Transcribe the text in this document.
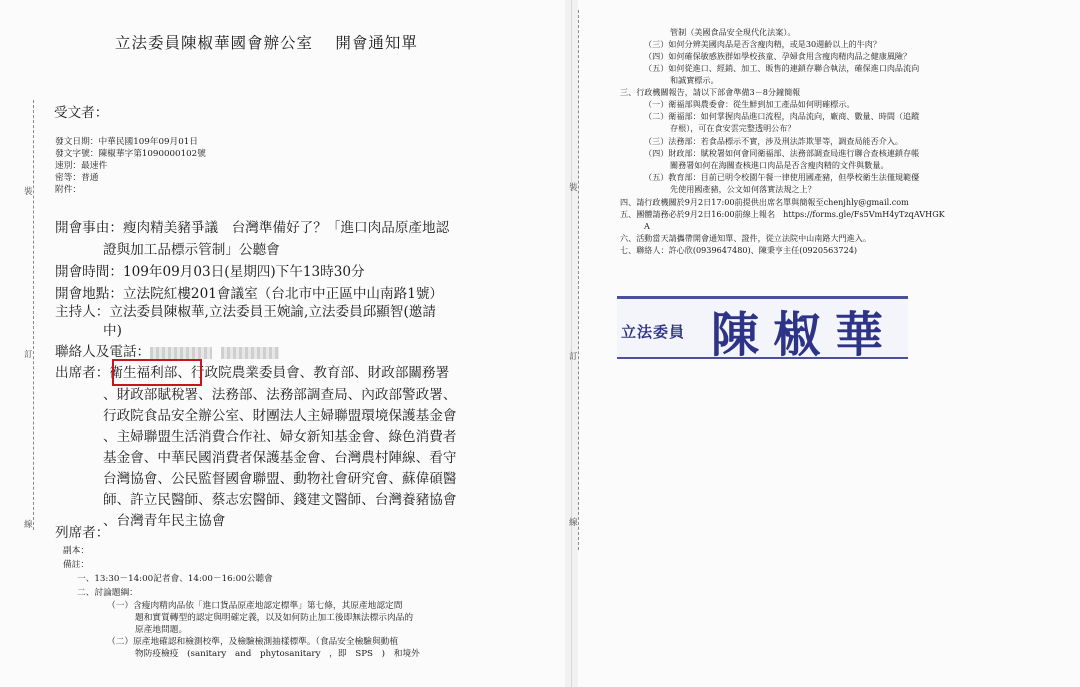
裝
訂
線
立法委員陳椒華國會辦公室　 開會通知單
受文者：
發文日期：中華民國109年09月01日
發文字號：陳椒華字第1090000102號
速別：最速件
密等：普通
附件：
開會事由：瘦肉精美豬爭議　台灣準備好了？「進口肉品原產地認
證與加工品標示管制」公聽會
開會時間：109年09月03日(星期四)下午13時30分
開會地點：立法院紅樓201會議室（台北市中正區中山南路1號）
主持人：立法委員陳椒華,立法委員王婉諭,立法委員邱顯智(邀請
中)
聯絡人及電話：
出席者：衛生福利部、行政院農業委員會、教育部、財政部關務署
、財政部賦稅署、法務部、法務部調查局、內政部警政署、
行政院食品安全辦公室、財團法人主婦聯盟環境保護基金會
、主婦聯盟生活消費合作社、婦女新知基金會、綠色消費者
基金會、中華民國消費者保護基金會、台灣農村陣線、看守
台灣協會、公民監督國會聯盟、動物社會研究會、蘇偉碩醫
師、許立民醫師、蔡志宏醫師、錢建文醫師、台灣養豬協會
、台灣青年民主協會
列席者：
副本：
備註：
一、13:30－14:00記者會、14:00－16:00公聽會
二、討論題綱：
（一）含瘦肉精肉品依「進口貨品原產地認定標準」第七條，其原產地認定間
題和實質轉型的認定與明確定義，以及如何防止加工後即無法標示肉品的
原產地問題。
（二）原產地確認和檢測校準，及檢驗檢測抽樣標準。（食品安全檢驗與動植
物防疫檢疫　(sanitary　and　phytosanitary　，即　SPS　)　和境外
裝
訂
線
管制（美國食品安全現代化法案）。
（三）如何分辨美國肉品是否含瘦肉精，或是30週齡以上的牛肉？
（四）如何確保敏感族群如學校孩童、孕婦食用含瘦肉精肉品之健康風險？
（五）如何從進口、經銷、加工、販售的連鎖存聯合執法，確保進口肉品流向
和誠實標示。
三、行政機關報告，請以下部會準備3－8分鐘簡報
（一）衛福部與農委會：從生鮮到加工產品如何明確標示。
（二）衛福部：如何掌握肉品進口流程，肉品流向，廠商、數量、時間（追蹤
存根），可在食安雲完整透明公布？
（三）法務部：若食品標示不實，涉及刑法詐欺罪等，調查局能否介入。
（四）財政部：賦稅署如何會同衛福部、法務部調查局進行聯合查核連鎖存帳
關務署如何在海關查核進口肉品是否含瘦肉精的文件與數量。
（五）教育部：目前已明令校園午餐一律使用國產豬，但學校衛生法僅規範優
先使用國產豬，公文如何落實法規之上？
四、請行政機關於9月2日17:00前提供出席名單與簡報至chenjhly@gmail.com
五、團體請務必於9月2日16:00前線上報名　https://forms.gle/Fs5VmH4yTzqAVHGK
A
六、活動當天請攜帶開會通知單、證件，從立法院中山南路大門進入。
七、聯絡人：許心欣(0939647480)、陳秉亨主任(0920563724)
立法委員 陳椒華
